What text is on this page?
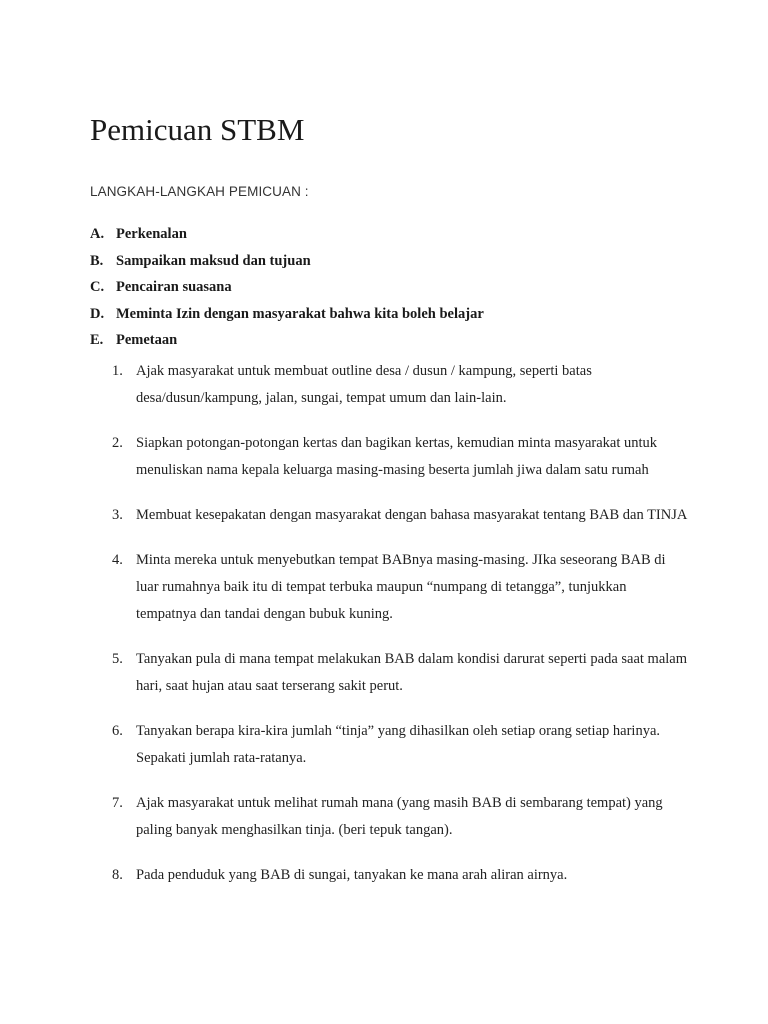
Pemicuan STBM
LANGKAH-LANGKAH PEMICUAN :
A. Perkenalan
B. Sampaikan maksud dan tujuan
C. Pencairan suasana
D. Meminta Izin dengan masyarakat bahwa kita boleh belajar
E. Pemetaan
1. Ajak masyarakat untuk membuat outline desa / dusun / kampung, seperti batas desa/dusun/kampung, jalan, sungai, tempat umum dan lain-lain.
2. Siapkan potongan-potongan kertas dan bagikan kertas, kemudian minta masyarakat untuk menuliskan nama kepala keluarga masing-masing beserta jumlah jiwa dalam satu rumah
3. Membuat kesepakatan dengan masyarakat dengan bahasa masyarakat tentang BAB dan TINJA
4. Minta mereka untuk menyebutkan tempat BABnya masing-masing. JIka seseorang BAB di luar rumahnya baik itu di tempat terbuka maupun “numpang di tetangga”, tunjukkan tempatnya dan tandai dengan bubuk kuning.
5. Tanyakan pula di mana tempat melakukan BAB dalam kondisi darurat seperti pada saat malam hari, saat hujan atau saat terserang sakit perut.
6. Tanyakan berapa kira-kira jumlah “tinja” yang dihasilkan oleh setiap orang setiap harinya. Sepakati jumlah rata-ratanya.
7. Ajak masyarakat untuk melihat rumah mana (yang masih BAB di sembarang tempat) yang paling banyak menghasilkan tinja. (beri tepuk tangan).
8. Pada penduduk yang BAB di sungai, tanyakan ke mana arah aliran airnya.
